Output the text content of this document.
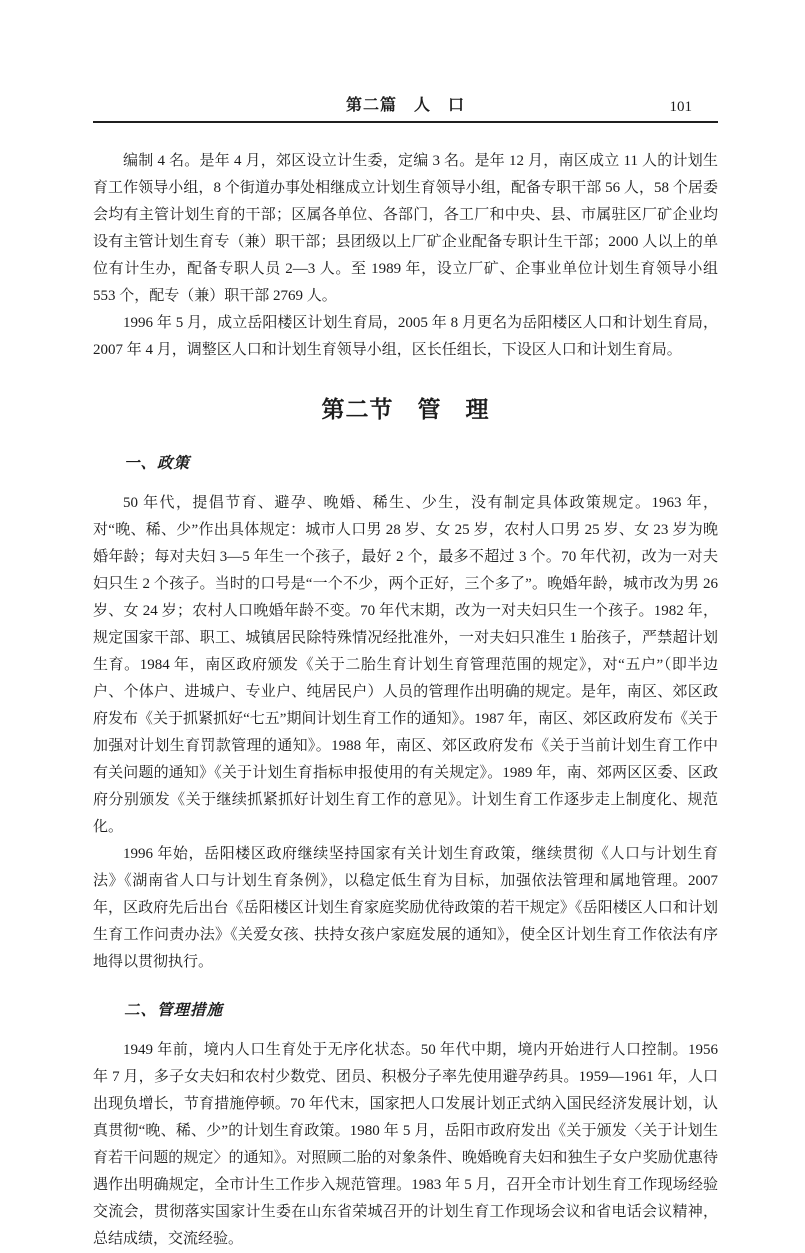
第二篇　人　口	101

编制 4 名。是年 4 月，郊区设立计生委，定编 3 名。是年 12 月，南区成立 11 人的计划生育工作领导小组，8 个街道办事处相继成立计划生育领导小组，配备专职干部 56 人，58 个居委会均有主管计划生育的干部；区属各单位、各部门，各工厂和中央、县、市属驻区厂矿企业均设有主管计划生育专（兼）职干部；县团级以上厂矿企业配备专职计生干部；2000 人以上的单位有计生办，配备专职人员 2—3 人。至 1989 年，设立厂矿、企事业单位计划生育领导小组 553 个，配专（兼）职干部 2769 人。

1996 年 5 月，成立岳阳楼区计划生育局，2005 年 8 月更名为岳阳楼区人口和计划生育局，2007 年 4 月，调整区人口和计划生育领导小组，区长任组长，下设区人口和计划生育局。

第二节　管　理
一、政策

50 年代，提倡节育、避孕、晚婚、稀生、少生，没有制定具体政策规定。1963 年，对“晚、稀、少”作出具体规定：城市人口男 28 岁、女 25 岁，农村人口男 25 岁、女 23 岁为晚婚年龄；每对夫妇 3—5 年生一个孩子，最好 2 个，最多不超过 3 个。70 年代初，改为一对夫妇只生 2 个孩子。当时的口号是“一个不少，两个正好，三个多了”。晚婚年龄，城市改为男 26 岁、女 24 岁；农村人口晚婚年龄不变。70 年代末期，改为一对夫妇只生一个孩子。1982 年，规定国家干部、职工、城镇居民除特殊情况经批准外，一对夫妇只准生 1 胎孩子，严禁超计划生育。1984 年，南区政府颁发《关于二胎生育计划生育管理范围的规定》，对“五户”（即半边户、个体户、进城户、专业户、纯居民户）人员的管理作出明确的规定。是年，南区、郊区政府发布《关于抓紧抓好“七五”期间计划生育工作的通知》。1987 年，南区、郊区政府发布《关于加强对计划生育罚款管理的通知》。1988 年，南区、郊区政府发布《关于当前计划生育工作中有关问题的通知》《关于计划生育指标申报使用的有关规定》。1989 年，南、郊两区区委、区政府分别颁发《关于继续抓紧抓好计划生育工作的意见》。计划生育工作逐步走上制度化、规范化。

1996 年始，岳阳楼区政府继续坚持国家有关计划生育政策，继续贯彻《人口与计划生育法》《湖南省人口与计划生育条例》，以稳定低生育为目标，加强依法管理和属地管理。2007 年，区政府先后出台《岳阳楼区计划生育家庭奖励优待政策的若干规定》《岳阳楼区人口和计划生育工作问责办法》《关爱女孩、扶持女孩户家庭发展的通知》，使全区计划生育工作依法有序地得以贯彻执行。

二、管理措施

1949 年前，境内人口生育处于无序化状态。50 年代中期，境内开始进行人口控制。1956 年 7 月，多子女夫妇和农村少数党、团员、积极分子率先使用避孕药具。1959—1961 年，人口出现负增长，节育措施停顿。70 年代末，国家把人口发展计划正式纳入国民经济发展计划，认真贯彻“晚、稀、少”的计划生育政策。1980 年 5 月，岳阳市政府发出《关于颁发〈关于计划生育若干问题的规定〉的通知》。对照顾二胎的对象条件、晚婚晚育夫妇和独生子女户奖励优惠待遇作出明确规定，全市计生工作步入规范管理。1983 年 5 月，召开全市计划生育工作现场经验交流会，贯彻落实国家计生委在山东省荣城召开的计划生育工作现场会议和省电话会议精神，总结成绩，交流经验。
